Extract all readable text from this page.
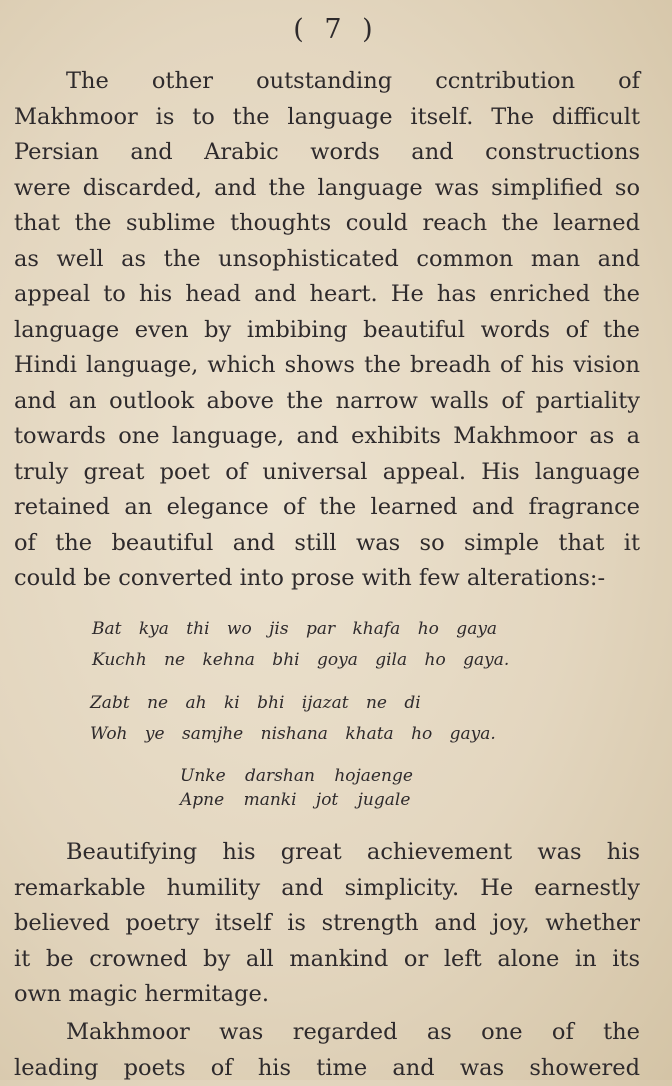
( 7 )
The other outstanding ccntribution of
Makhmoor is to the language itself. The difficult
Persian and Arabic words and constructions
were discarded, and the language was simplified so
that the sublime thoughts could reach the learned
as well as the unsophisticated common man and
appeal to his head and heart. He has enriched the
language even by imbibing beautiful words of the
Hindi language, which shows the breadh of his vision
and an outlook above the narrow walls of partiality
towards one language, and exhibits Makhmoor as a
truly great poet of universal appeal. His language
retained an elegance of the learned and fragrance
of the beautiful and still was so simple that it
could be converted into prose with few alterations:-
Bat kya thi wo jis par khafa ho gaya
Kuchh ne kehna bhi goya gila ho gaya.
Zabt ne ah ki bhi ijazat ne di
Woh ye samjhe nishana khata ho gaya.
Unke darshan hojaenge
Apne manki jot jugale
Beautifying his great achievement was his
remarkable humility and simplicity. He earnestly
believed poetry itself is strength and joy, whether
it be crowned by all mankind or left alone in its
own magic hermitage.
Makhmoor was regarded as one of the
leading poets of his time and was showered
